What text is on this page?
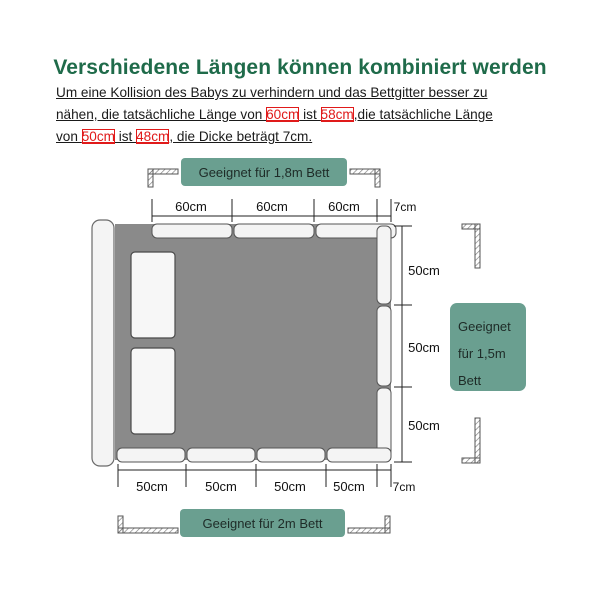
Verschiedene Längen können kombiniert werden
Um eine Kollision des Babys zu verhindern und das Bettgitter besser zu
nähen, die tatsächliche Länge von 60cm ist 58cm,die tatsächliche Länge
von 50cm ist 48cm, die Dicke beträgt 7cm.
60cm	60cm	60cm	7cm
50cm
50cm
50cm
50cm	50cm	50cm 50cm 7cm
Geeignet für 1,8m Bett
Geeignet
für 1,5m
Bett
Geeignet für 2m Bett
